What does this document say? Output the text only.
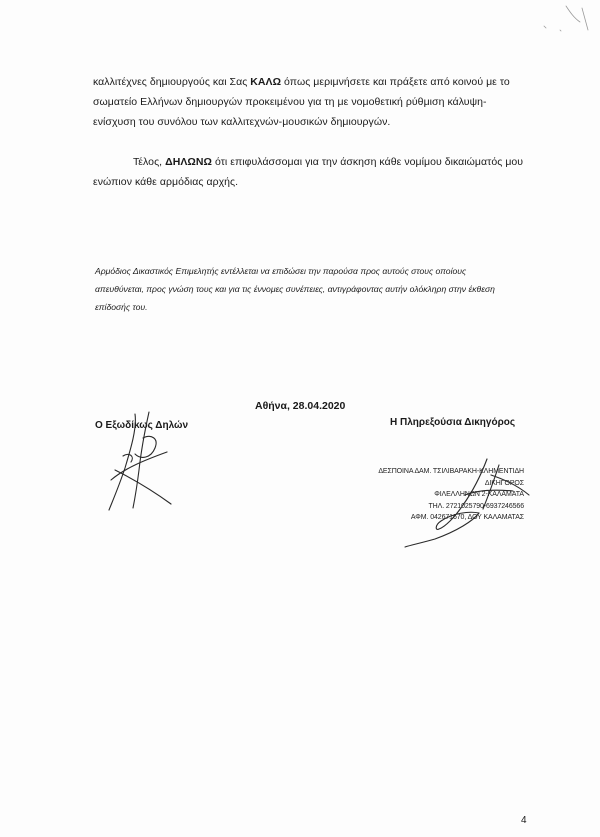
καλλιτέχνες δημιουργούς και Σας ΚΑΛΩ όπως μεριμνήσετε και πράξετε από κοινού με το
σωματείο Ελλήνων δημιουργών προκειμένου για τη με νομοθετική ρύθμιση κάλυψη-
ενίσχυση του συνόλου των καλλιτεχνών-μουσικών δημιουργών.
Τέλος, ΔΗΛΩΝΩ ότι επιφυλάσσομαι για την άσκηση κάθε νομίμου δικαιώματός μου
ενώπιον κάθε αρμόδιας αρχής.
Αρμόδιος Δικαστικός Επιμελητής εντέλλεται να επιδώσει την παρούσα προς αυτούς στους οποίους
απευθύνεται, προς γνώση τους και για τις έννομες συνέπειες, αντιγράφοντας αυτήν ολόκληρη στην έκθεση
επίδοσής του.
Αθήνα, 28.04.2020
Ο Εξωδίκως Δηλών	Η Πληρεξούσια Δικηγόρος
ΔΕΣΠΟΙΝΑ ΔΑΜ. ΤΣΙΛΙΒΑΡΑΚΗ-ΚΛΗΜΕΝΤΙΔΗ
ΔΙΚΗΓΟΡΟΣ
ΦΙΛΕΛΛΗΝΩΝ 2-ΚΑΛΑΜΑΤΑ
ΤΗΛ. 2721025790-6937246566
ΑΦΜ. 042671670, ΔΟΥ ΚΑΛΑΜΑΤΑΣ
4
